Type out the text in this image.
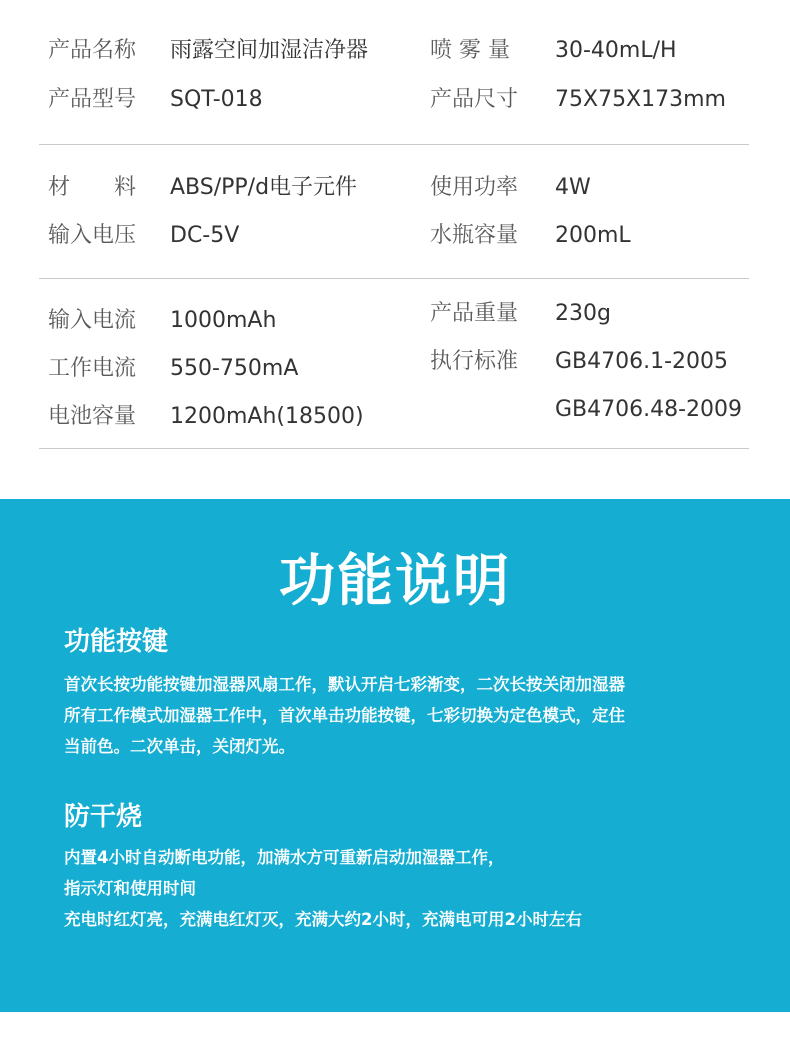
产品名称 雨露空间加湿洁净器
产品型号 SQT-018
喷 雾 量 30-40mL/H
产品尺寸 75X75X173mm
材　　料 ABS/PP/d电子元件
输入电压 DC-5V
使用功率 4W
水瓶容量 200mL
输入电流 1000mAh
工作电流 550-750mA
电池容量 1200mAh(18500)
产品重量 230g
执行标准 GB4706.1-2005
GB4706.48-2009
功能说明
功能按键
首次长按功能按键加湿器风扇工作，默认开启七彩渐变，二次长按关闭加湿器
所有工作模式加湿器工作中，首次单击功能按键，七彩切换为定色模式，定住
当前色。二次单击，关闭灯光。
防干烧
内置4小时自动断电功能，加满水方可重新启动加湿器工作，
指示灯和使用时间
充电时红灯亮，充满电红灯灭，充满大约2小时，充满电可用2小时左右
